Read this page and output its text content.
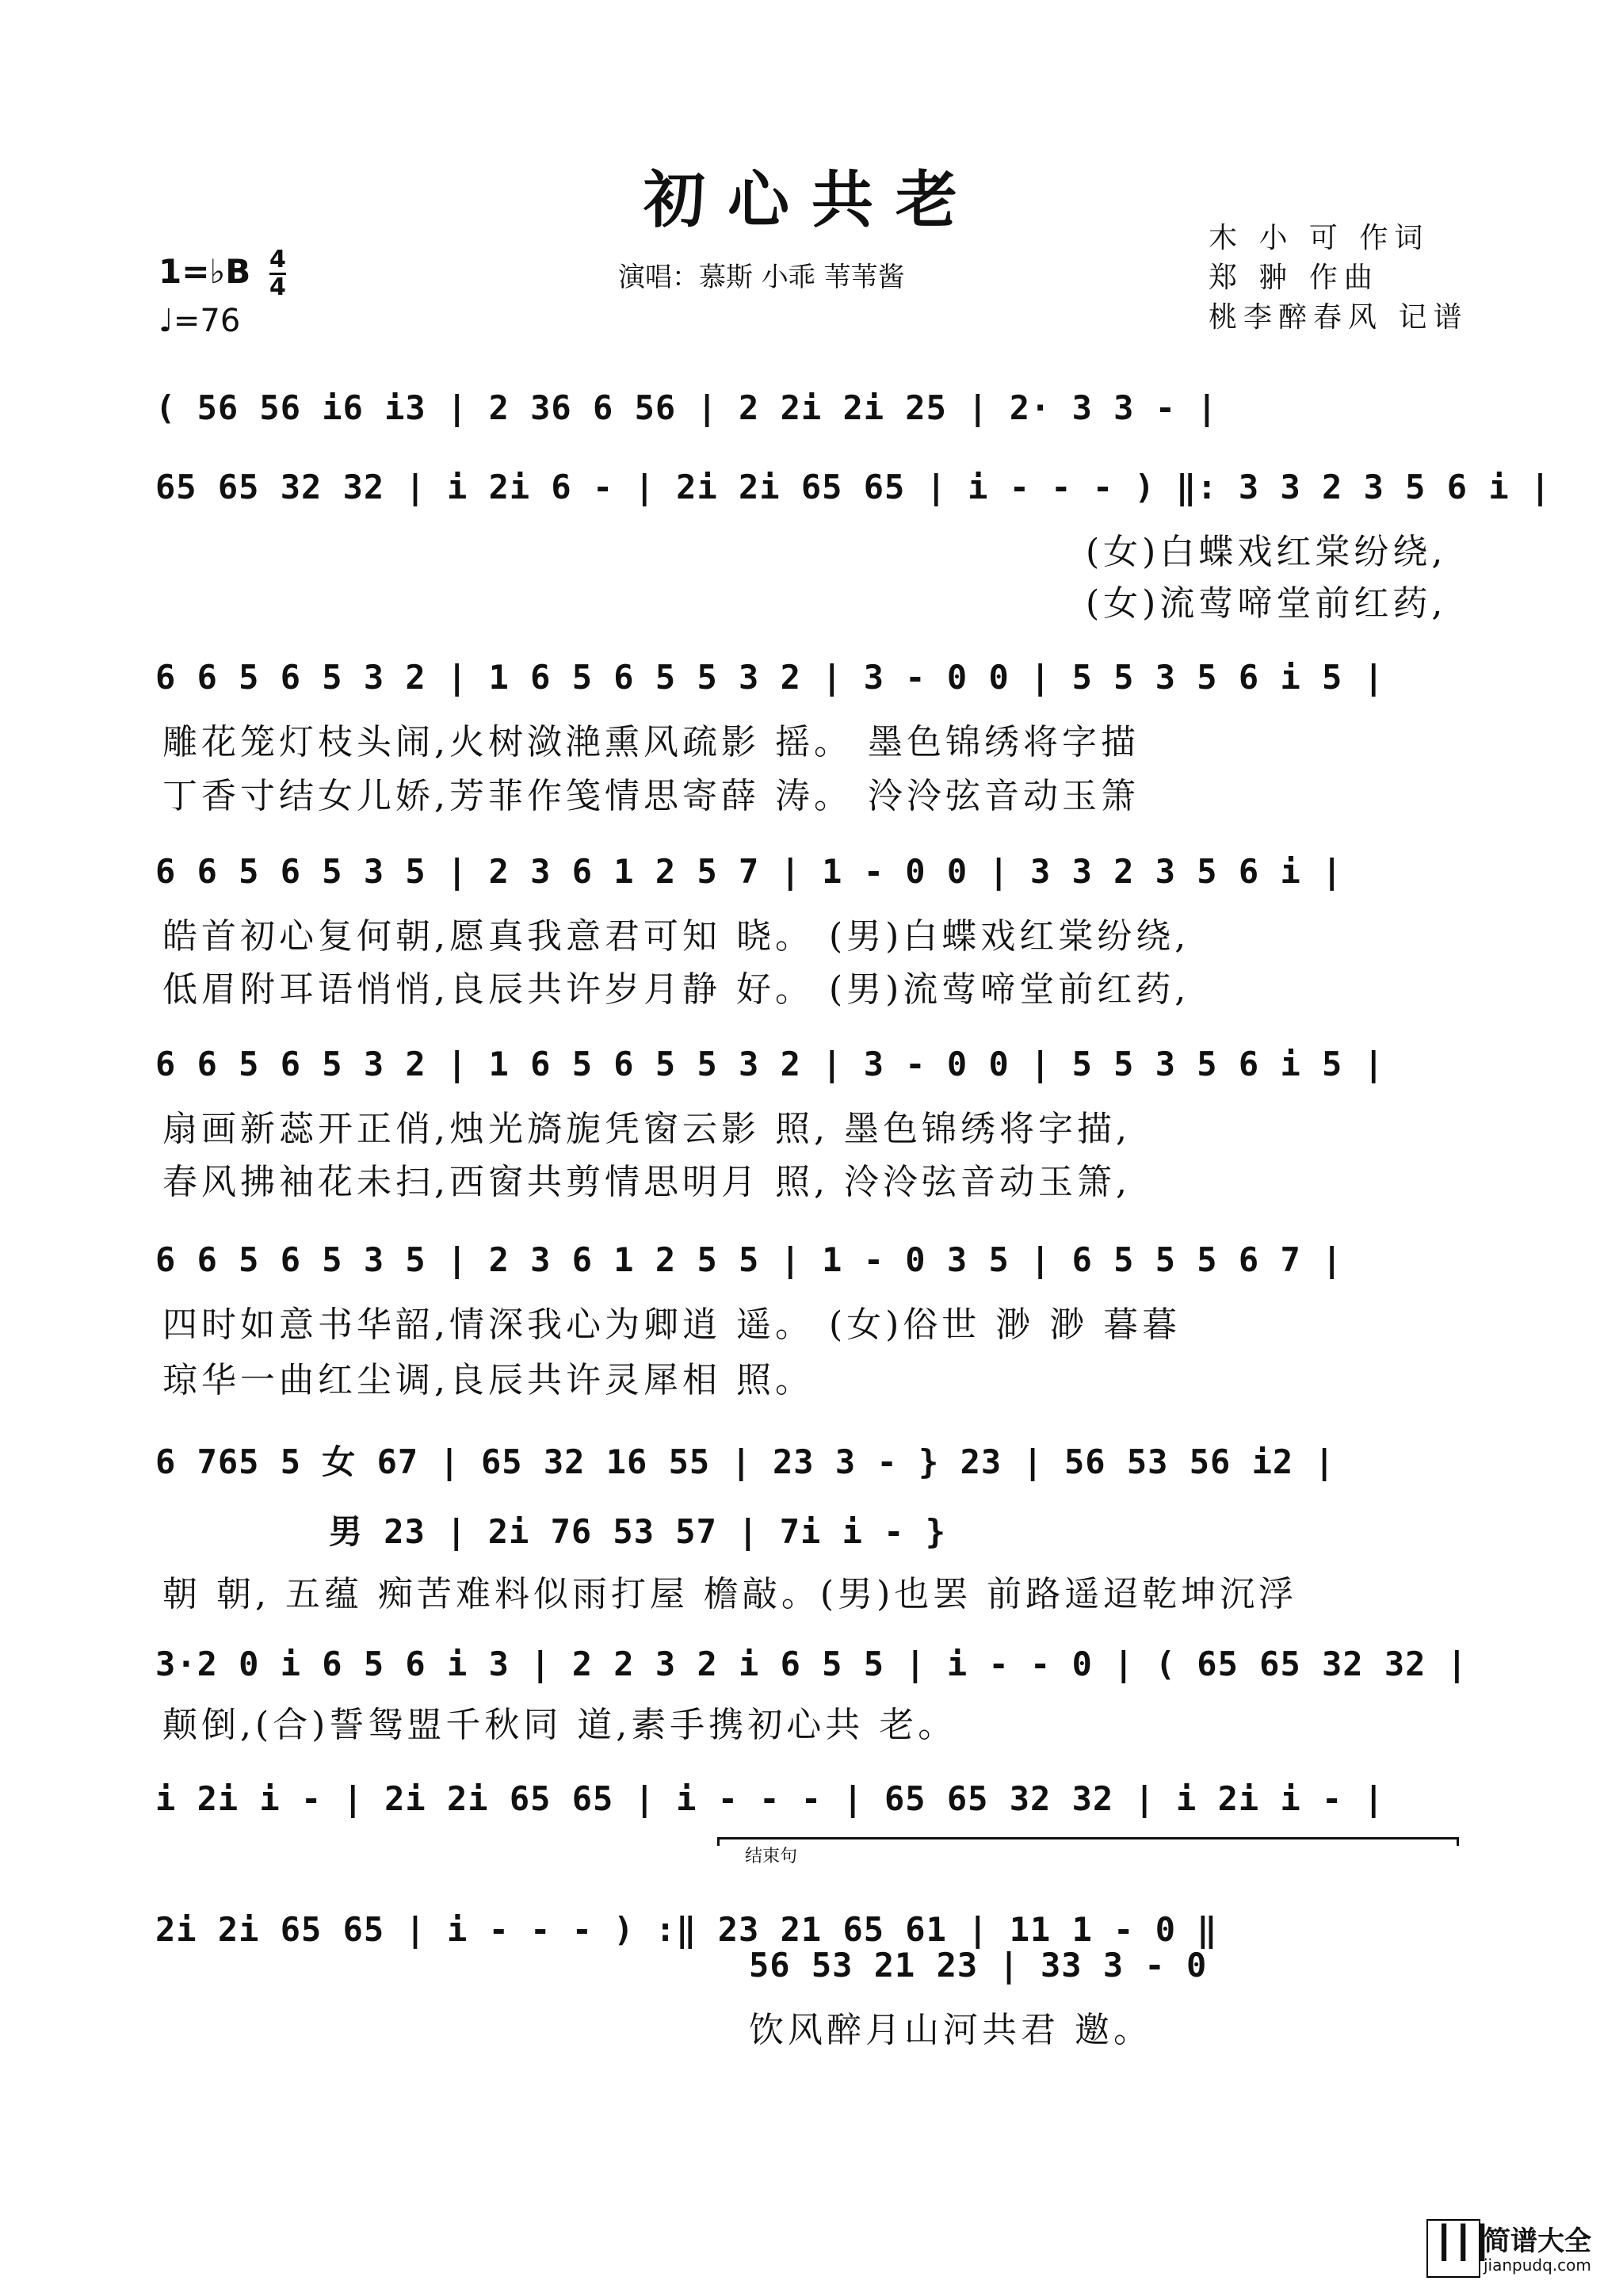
初心共老
演唱：慕斯 小乖 苇苇酱
木 小 可 作词
郑 翀 作曲
桃李醉春风 记谱
1=♭B 4
4
♩=76
( 56 56 i6 i3 | 2 36 6 56 | 2 2i 2i 25 | 2· 3 3 - |
65 65 32 32 | i 2i 6 - | 2i 2i 65 65 | i - - - ) ‖: 3 3 2 3 5 6 i |
(女)白蝶戏红棠纷绕,
(女)流莺啼堂前红药,
6 6 5 6 5 3 2 | 1 6 5 6 5 5 3 2 | 3 - 0 0 | 5 5 3 5 6 i 5 |
雕花笼灯枝头闹,火树潋滟熏风疏影 摇。 墨色锦绣将字描
丁香寸结女儿娇,芳菲作笺情思寄薛 涛。 泠泠弦音动玉箫
6 6 5 6 5 3 5 | 2 3 6 1 2 5 7 | 1 - 0 0 | 3 3 2 3 5 6 i |
皓首初心复何朝,愿真我意君可知 晓。 (男)白蝶戏红棠纷绕,
低眉附耳语悄悄,良辰共许岁月静 好。 (男)流莺啼堂前红药,
6 6 5 6 5 3 2 | 1 6 5 6 5 5 3 2 | 3 - 0 0 | 5 5 3 5 6 i 5 |
扇画新蕊开正俏,烛光旖旎凭窗云影 照, 墨色锦绣将字描,
春风拂袖花未扫,西窗共剪情思明月 照, 泠泠弦音动玉箫,
6 6 5 6 5 3 5 | 2 3 6 1 2 5 5 | 1 - 0 3 5 | 6 5 5 5 6 7 |
四时如意书华韶,情深我心为卿逍 遥。 (女)俗世 渺 渺 暮暮
琼华一曲红尘调,良辰共许灵犀相 照。
6 765 5 女 67 | 65 32 16 55 | 23 3 - } 23 | 56 53 56 i2 |
男 23 | 2i 76 53 57 | 7i i - }
朝 朝, 五蕴 痴苦难料似雨打屋 檐敲。(男)也罢 前路遥迢乾坤沉浮
3·2 0 i 6 5 6 i 3 | 2 2 3 2 i 6 5 5 | i - - 0 | ( 65 65 32 32 |
颠倒,(合)誓鸳盟千秋同 道,素手携初心共 老。
i 2i i - | 2i 2i 65 65 | i - - - | 65 65 32 32 | i 2i i - |
结束句
2i 2i 65 65 | i - - - ) :‖ 23 21 65 61 | 11 1 - 0 ‖
56 53 21 23 | 33 3 - 0
饮风醉月山河共君 邀。
┃┃┃
简谱大全
jianpudq.com
